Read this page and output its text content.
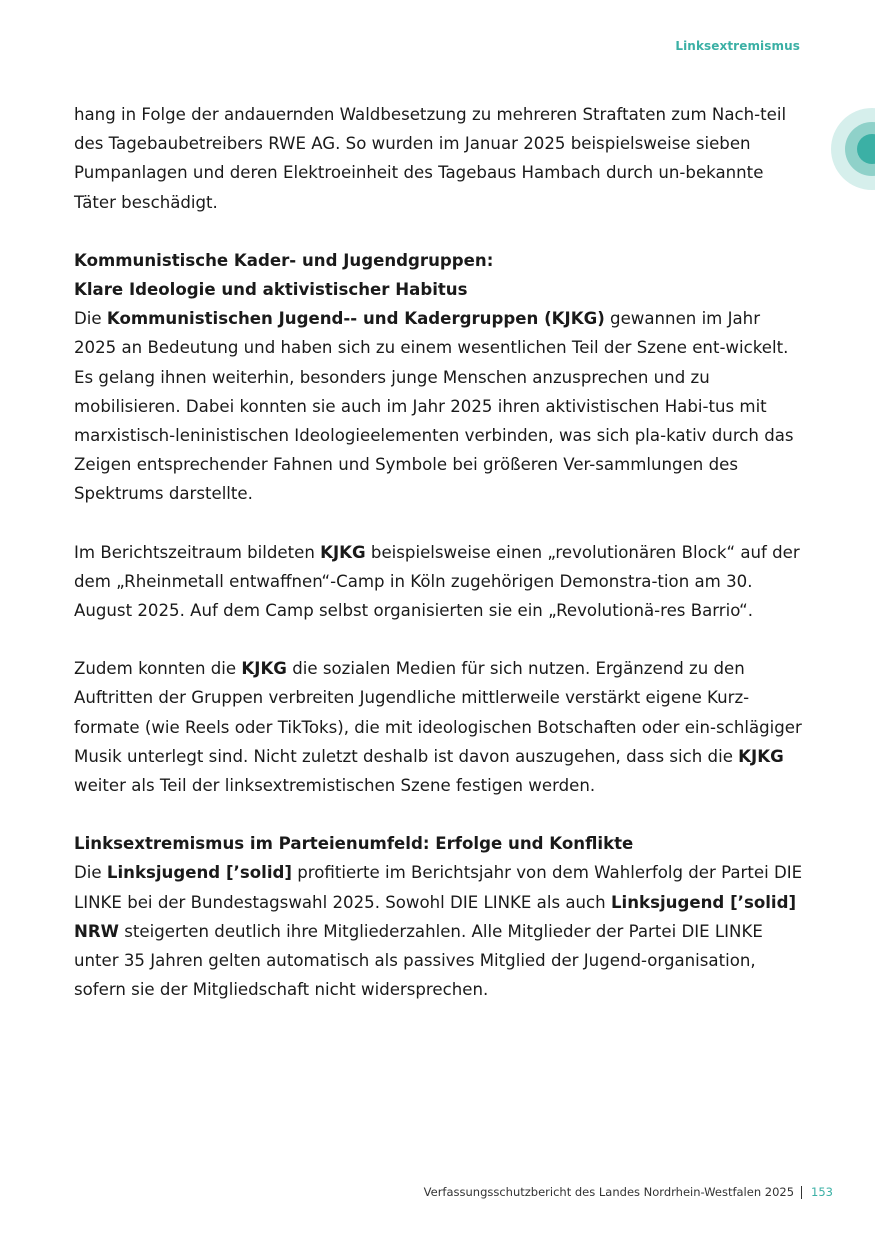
Linksextremismus

hang in Folge der andauernden Waldbesetzung zu mehreren Straftaten zum Nach-teil des Tagebaubetreibers RWE AG. So wurden im Januar 2025 beispielsweise sieben Pumpanlagen und deren Elektroeinheit des Tagebaus Hambach durch un-bekannte Täter beschädigt.

Kommunistische Kader- und Jugendgruppen:
Klare Ideologie und aktivistischer Habitus

Die Kommunistischen Jugend-- und Kadergruppen (KJKG) gewannen im Jahr 2025 an Bedeutung und haben sich zu einem wesentlichen Teil der Szene ent-wickelt. Es gelang ihnen weiterhin, besonders junge Menschen anzusprechen und zu mobilisieren. Dabei konnten sie auch im Jahr 2025 ihren aktivistischen Habi-tus mit marxistisch-leninistischen Ideologieelementen verbinden, was sich pla-kativ durch das Zeigen entsprechender Fahnen und Symbole bei größeren Ver-sammlungen des Spektrums darstellte.

Im Berichtszeitraum bildeten KJKG beispielsweise einen „revolutionären Block“ auf der dem „Rheinmetall entwaffnen“-Camp in Köln zugehörigen Demonstra-tion am 30. August 2025. Auf dem Camp selbst organisierten sie ein „Revolutionä-res Barrio“.

Zudem konnten die KJKG die sozialen Medien für sich nutzen. Ergänzend zu den Auftritten der Gruppen verbreiten Jugendliche mittlerweile verstärkt eigene Kurz-formate (wie Reels oder TikToks), die mit ideologischen Botschaften oder ein-schlägiger Musik unterlegt sind. Nicht zuletzt deshalb ist davon auszugehen, dass sich die KJKG weiter als Teil der linksextremistischen Szene festigen werden.

Linksextremismus im Parteienumfeld: Erfolge und Konflikte

Die Linksjugend [’solid] profitierte im Berichtsjahr von dem Wahlerfolg der Partei DIE LINKE bei der Bundestagswahl 2025. Sowohl DIE LINKE als auch Linksjugend [’solid] NRW steigerten deutlich ihre Mitgliederzahlen. Alle Mitglieder der Partei DIE LINKE unter 35 Jahren gelten automatisch als passives Mitglied der Jugend-organisation, sofern sie der Mitgliedschaft nicht widersprechen.

Verfassungsschutzbericht des Landes Nordrhein-Westfalen 2025 153
